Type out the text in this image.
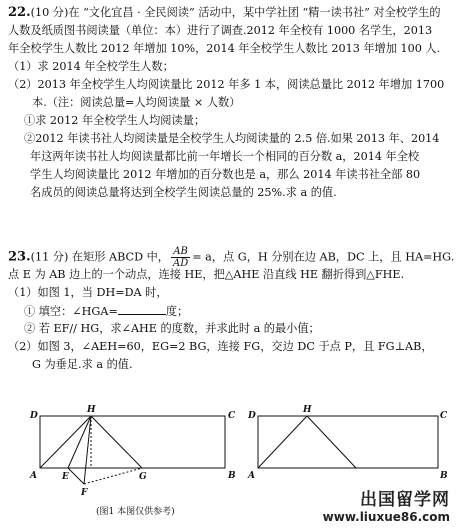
22.(10 分)在 “文化宜昌 · 全民阅读” 活动中，某中学社团 “精一读书社” 对全校学生的
人数及纸质图书阅读量（单位：本）进行了调查.2012 年全校有 1000 名学生，2013
年全校学生人数比 2012 年增加 10%，2014 年全校学生人数比 2013 年增加 100 人.
（1）求 2014 年全校学生人数；
（2）2013 年全校学生人均阅读量比 2012 年多 1 本，阅读总量比 2012 年增加 1700
本.（注：阅读总量=人均阅读量 × 人数）
①求 2012 年全校学生人均阅读量；
②2012 年读书社人均阅读量是全校学生人均阅读量的 2.5 倍.如果 2013 年、2014
年这两年读书社人均阅读量都比前一年增长一个相同的百分数 a，2014 年全校
学生人均阅读量比 2012 年增加的百分数也是 a，那么 2014 年读书社全部 80
名成员的阅读总量将达到全校学生阅读总量的 25%.求 a 的值.
23.(11 分) 在矩形 ABCD 中， $\frac{AB}{AD} = a$，点 G，H 分别在边 AB，DC 上，且 HA=HG.
点 E 为 AB 边上的一个动点，连接 HE，把△AHE 沿直线 HE 翻折得到△FHE.
（1）如图 1，当 DH=DA 时，
① 填空：∠HGA=	度；
② 若 EF// HG，求∠AHE 的度数，并求此时 a 的最小值；
（2）如图 3，∠AEH=60，EG=2 BG，连接 FG，交边 DC 于点 P，且 FG⊥AB，
G 为垂足.求 a 的值.
D
H
C
A	E	G	B
F
(图1 本图仅供参考)
D
H
C
A	B
出国留学网
www.liuxue86.com
